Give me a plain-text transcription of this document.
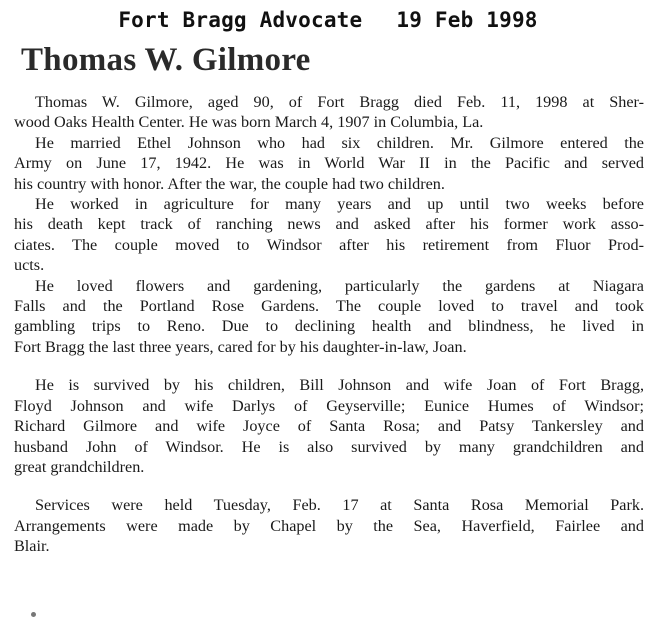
Fort Bragg Advocate 19 Feb 1998
Thomas W. Gilmore
Thomas W. Gilmore, aged 90, of Fort Bragg died Feb. 11, 1998 at Sher-
wood Oaks Health Center. He was born March 4, 1907 in Columbia, La.
He married Ethel Johnson who had six children. Mr. Gilmore entered the
Army on June 17, 1942. He was in World War II in the Pacific and served
his country with honor. After the war, the couple had two children.
He worked in agriculture for many years and up until two weeks before
his death kept track of ranching news and asked after his former work asso-
ciates. The couple moved to Windsor after his retirement from Fluor Prod-
ucts.
He loved flowers and gardening, particularly the gardens at Niagara
Falls and the Portland Rose Gardens. The couple loved to travel and took
gambling trips to Reno. Due to declining health and blindness, he lived in
Fort Bragg the last three years, cared for by his daughter-in-law, Joan.
He is survived by his children, Bill Johnson and wife Joan of Fort Bragg,
Floyd Johnson and wife Darlys of Geyserville; Eunice Humes of Windsor;
Richard Gilmore and wife Joyce of Santa Rosa; and Patsy Tankersley and
husband John of Windsor. He is also survived by many grandchildren and
great grandchildren.
Services were held Tuesday, Feb. 17 at Santa Rosa Memorial Park.
Arrangements were made by Chapel by the Sea, Haverfield, Fairlee and
Blair.
